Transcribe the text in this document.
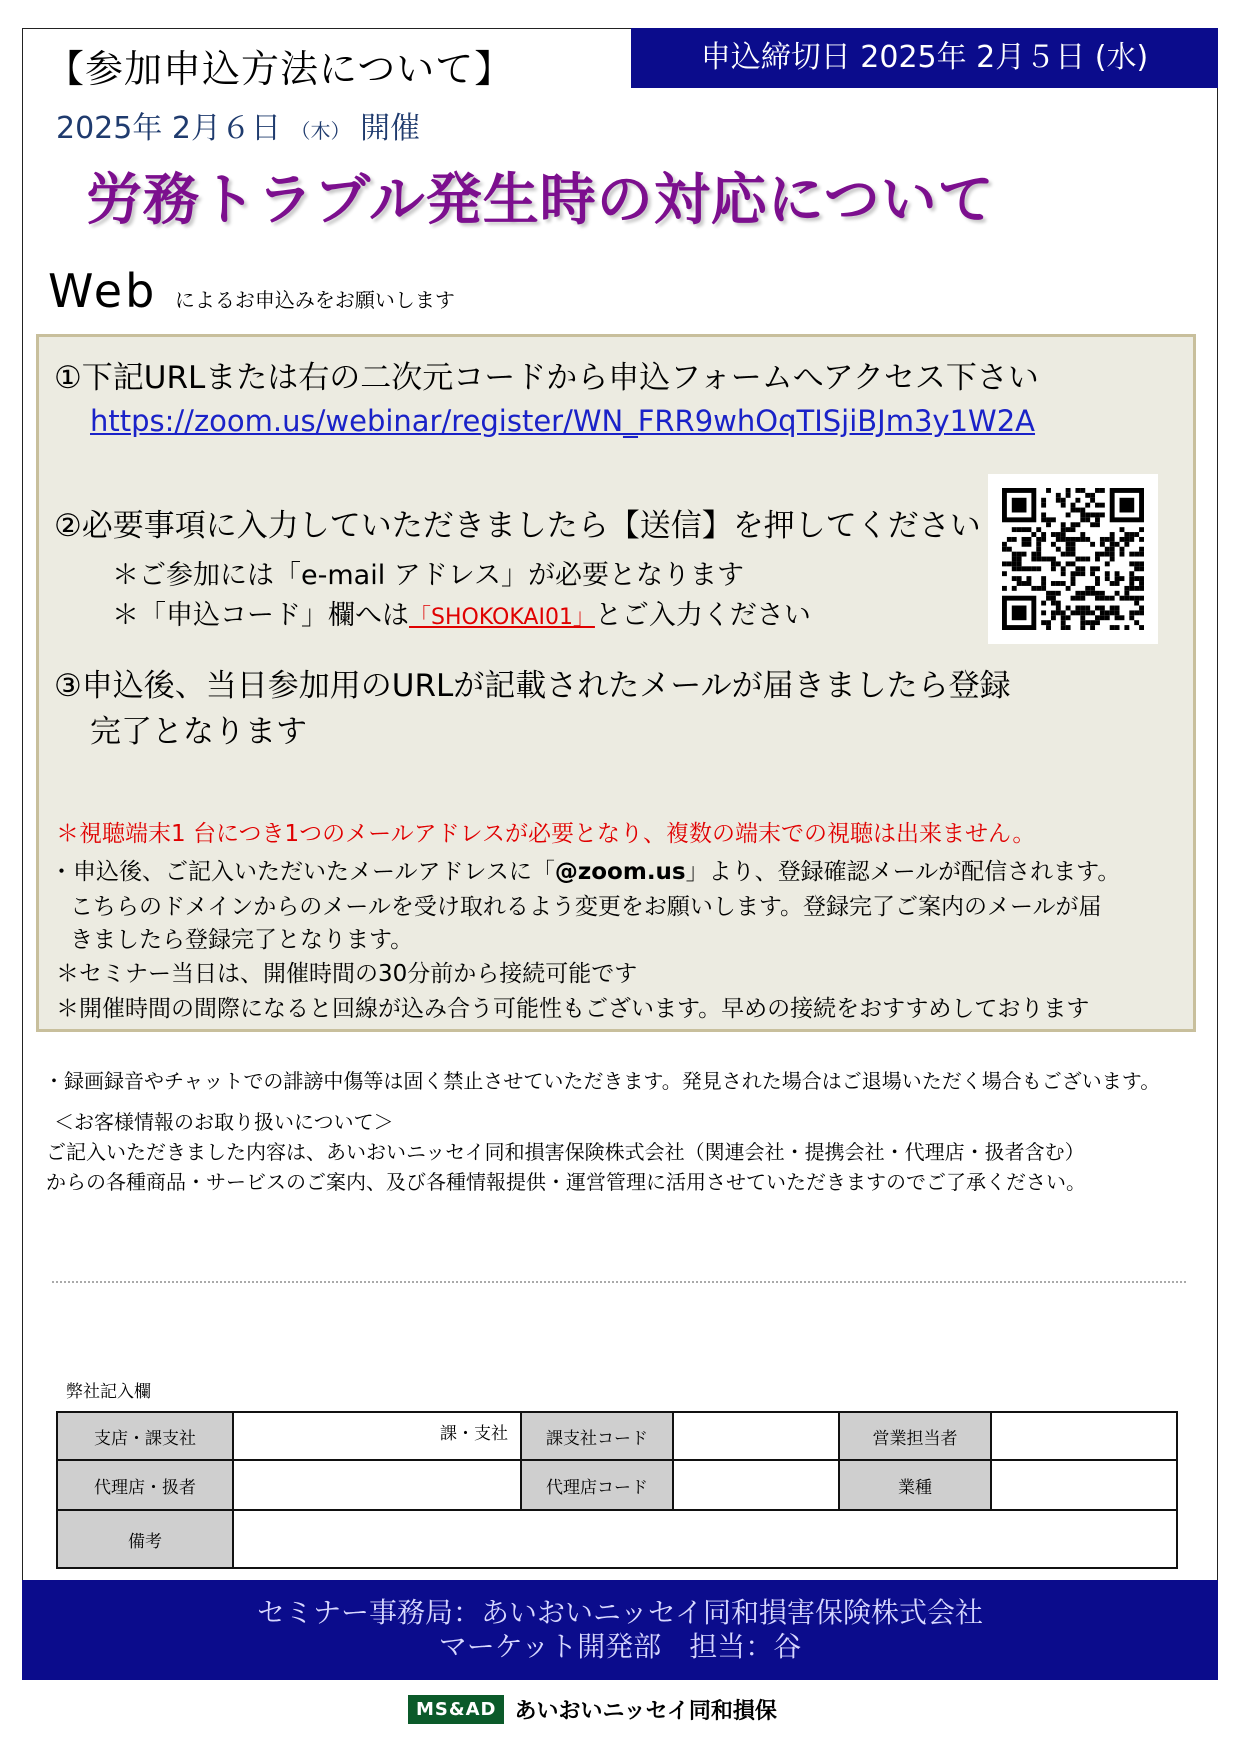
【参加申込方法について】	申込締切日 2025年 2月５日 (水)
2025年 2月６日 （木） 開催
労務トラブル発生時の対応について
Web によるお申込みをお願いします
①下記URLまたは右の二次元コードから申込フォームへアクセス下さい
https://zoom.us/webinar/register/WN_FRR9whOqTISjiBJm3y1W2A
②必要事項に入力していただきましたら【送信】を押してください
＊ご参加には「e-mail アドレス」が必要となります
＊「申込コード」欄へは「SHOKOKAI01」とご入力ください
③申込後、当日参加用のURLが記載されたメールが届きましたら登録
完了となります
＊視聴端末1 台につき1つのメールアドレスが必要となり、複数の端末での視聴は出来ません。
・申込後、ご記入いただいたメールアドレスに「@zoom.us」より、登録確認メールが配信されます。
こちらのドメインからのメールを受け取れるよう変更をお願いします。登録完了ご案内のメールが届
きましたら登録完了となります。
＊セミナー当日は、開催時間の30分前から接続可能です
＊開催時間の間際になると回線が込み合う可能性もございます。早めの接続をおすすめしております
・録画録音やチャットでの誹謗中傷等は固く禁止させていただきます。発見された場合はご退場いただく場合もございます。
＜お客様情報のお取り扱いについて＞
ご記入いただきました内容は、あいおいニッセイ同和損害保険株式会社（関連会社・提携会社・代理店・扱者含む）
からの各種商品・サービスのご案内、及び各種情報提供・運営管理に活用させていただきますのでご了承ください。
弊社記入欄
支店・課支社	課・支社	課支社コード		営業担当者	
代理店・扱者		代理店コード		業種	
備考					
セミナー事務局：あいおいニッセイ同和損害保険株式会社
マーケット開発部　担当：谷
MS&AD あいおいニッセイ同和損保
